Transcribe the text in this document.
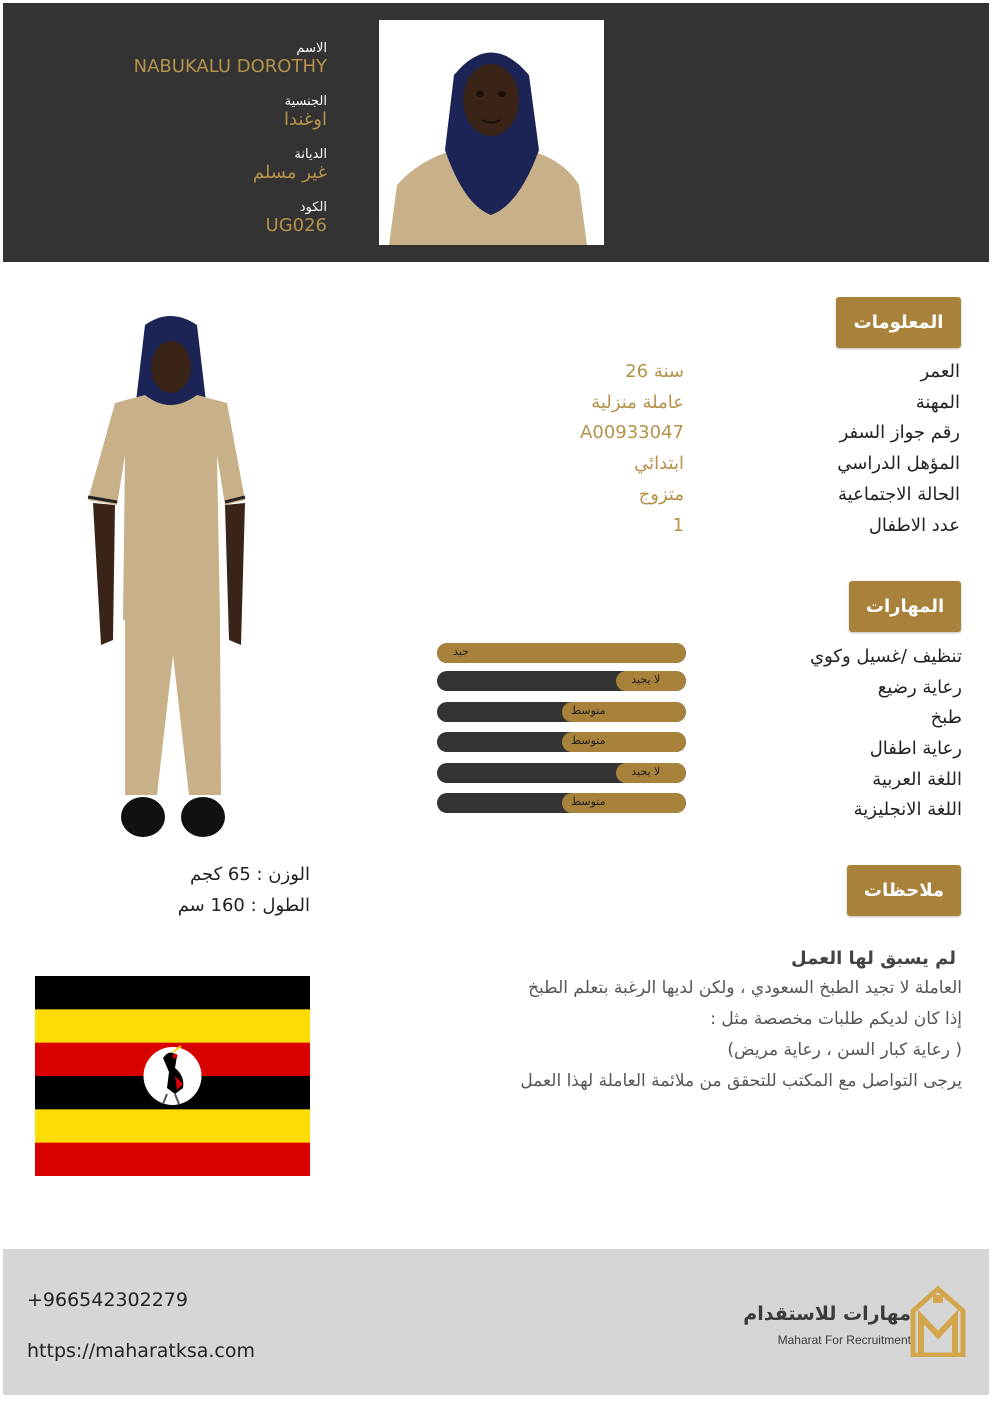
الاسم
NABUKALU DOROTHY
الجنسية
اوغندا
الديانة
غير مسلم
الكود
UG026
المعلومات
العمر
26 سنة
المهنة
عاملة منزلية
رقم جواز السفر
A00933047
المؤهل الدراسي
ابتدائي
الحالة الاجتماعية
متزوج
عدد الاطفال
1
المهارات
تنظيف /غسيل وكوي
رعاية رضيع
طبخ
رعاية اطفال
اللغة العربية
اللغة الانجليزية
جيد
لا يجيد
متوسط
متوسط
لا يجيد
متوسط
الوزن : 65 كجم
الطول : 160 سم
ملاحظات
لم يسبق لها العمل
العاملة لا تجيد الطبخ السعودي ، ولكن لديها الرغبة بتعلم الطبخ
إذا كان لديكم طلبات مخصصة مثل :
( رعاية كبار السن ، رعاية مريض)
يرجى التواصل مع المكتب للتحقق من ملائمة العاملة لهذا العمل
+966542302279
https://maharatksa.com
مهارات للاستقدام
Maharat For Recruitment
